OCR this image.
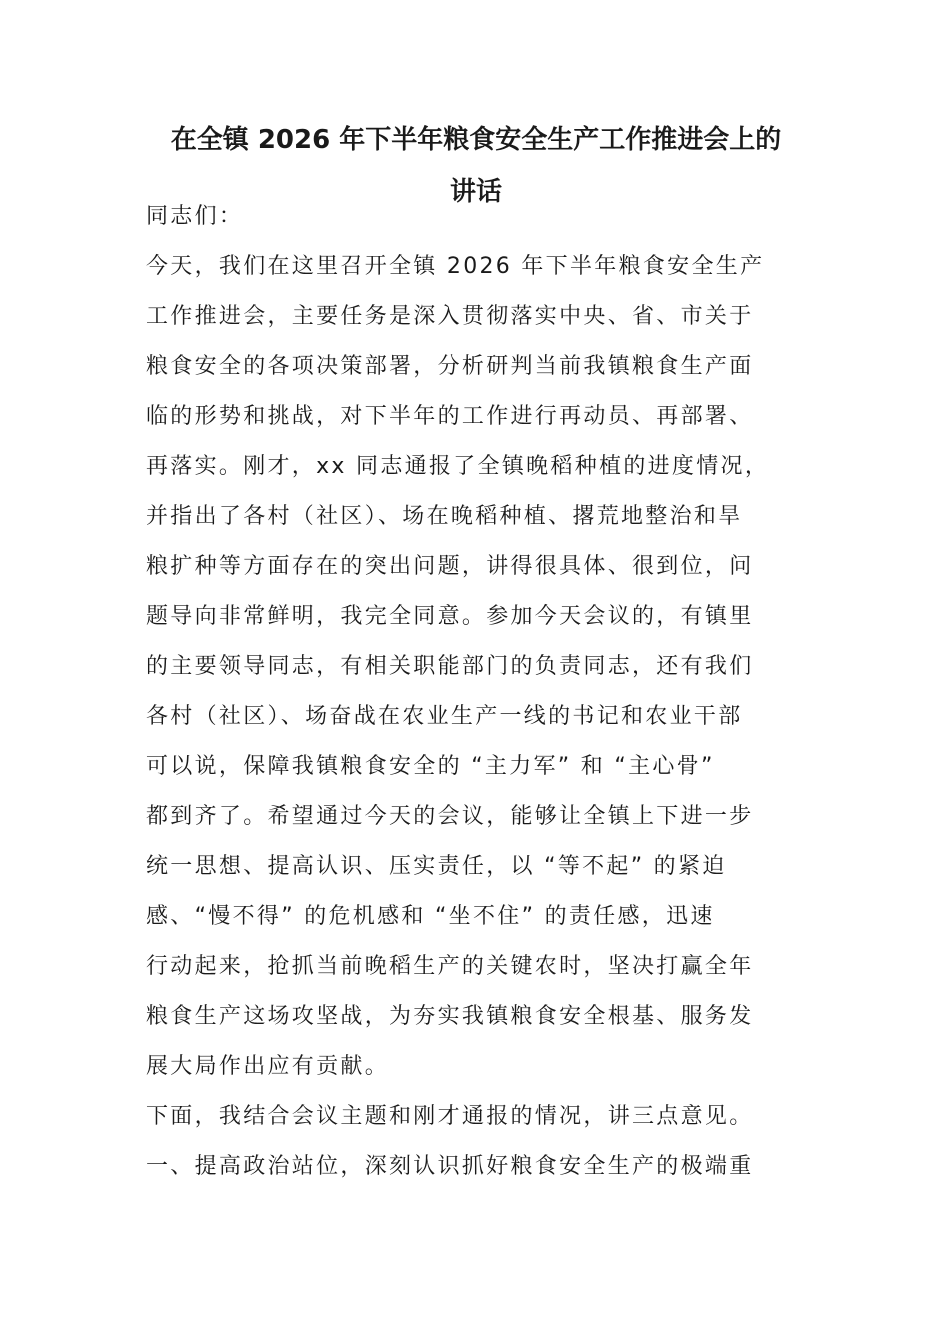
在全镇 2026 年下半年粮食安全生产工作推进会上的
讲话
同志们：
今天，我们在这里召开全镇 2026 年下半年粮食安全生产
工作推进会，主要任务是深入贯彻落实中央、省、市关于
粮食安全的各项决策部署，分析研判当前我镇粮食生产面
临的形势和挑战，对下半年的工作进行再动员、再部署、
再落实。刚才，xx 同志通报了全镇晚稻种植的进度情况，
并指出了各村（社区）、场在晚稻种植、撂荒地整治和旱
粮扩种等方面存在的突出问题，讲得很具体、很到位，问
题导向非常鲜明，我完全同意。参加今天会议的，有镇里
的主要领导同志，有相关职能部门的负责同志，还有我们
各村（社区）、场奋战在农业生产一线的书记和农业干部
可以说，保障我镇粮食安全的 “主力军” 和 “主心骨”
都到齐了。希望通过今天的会议，能够让全镇上下进一步
统一思想、提高认识、压实责任，以 “等不起” 的紧迫
感、“慢不得” 的危机感和 “坐不住” 的责任感，迅速
行动起来，抢抓当前晚稻生产的关键农时，坚决打赢全年
粮食生产这场攻坚战，为夯实我镇粮食安全根基、服务发
展大局作出应有贡献。
下面，我结合会议主题和刚才通报的情况，讲三点意见。
一、提高政治站位，深刻认识抓好粮食安全生产的极端重
